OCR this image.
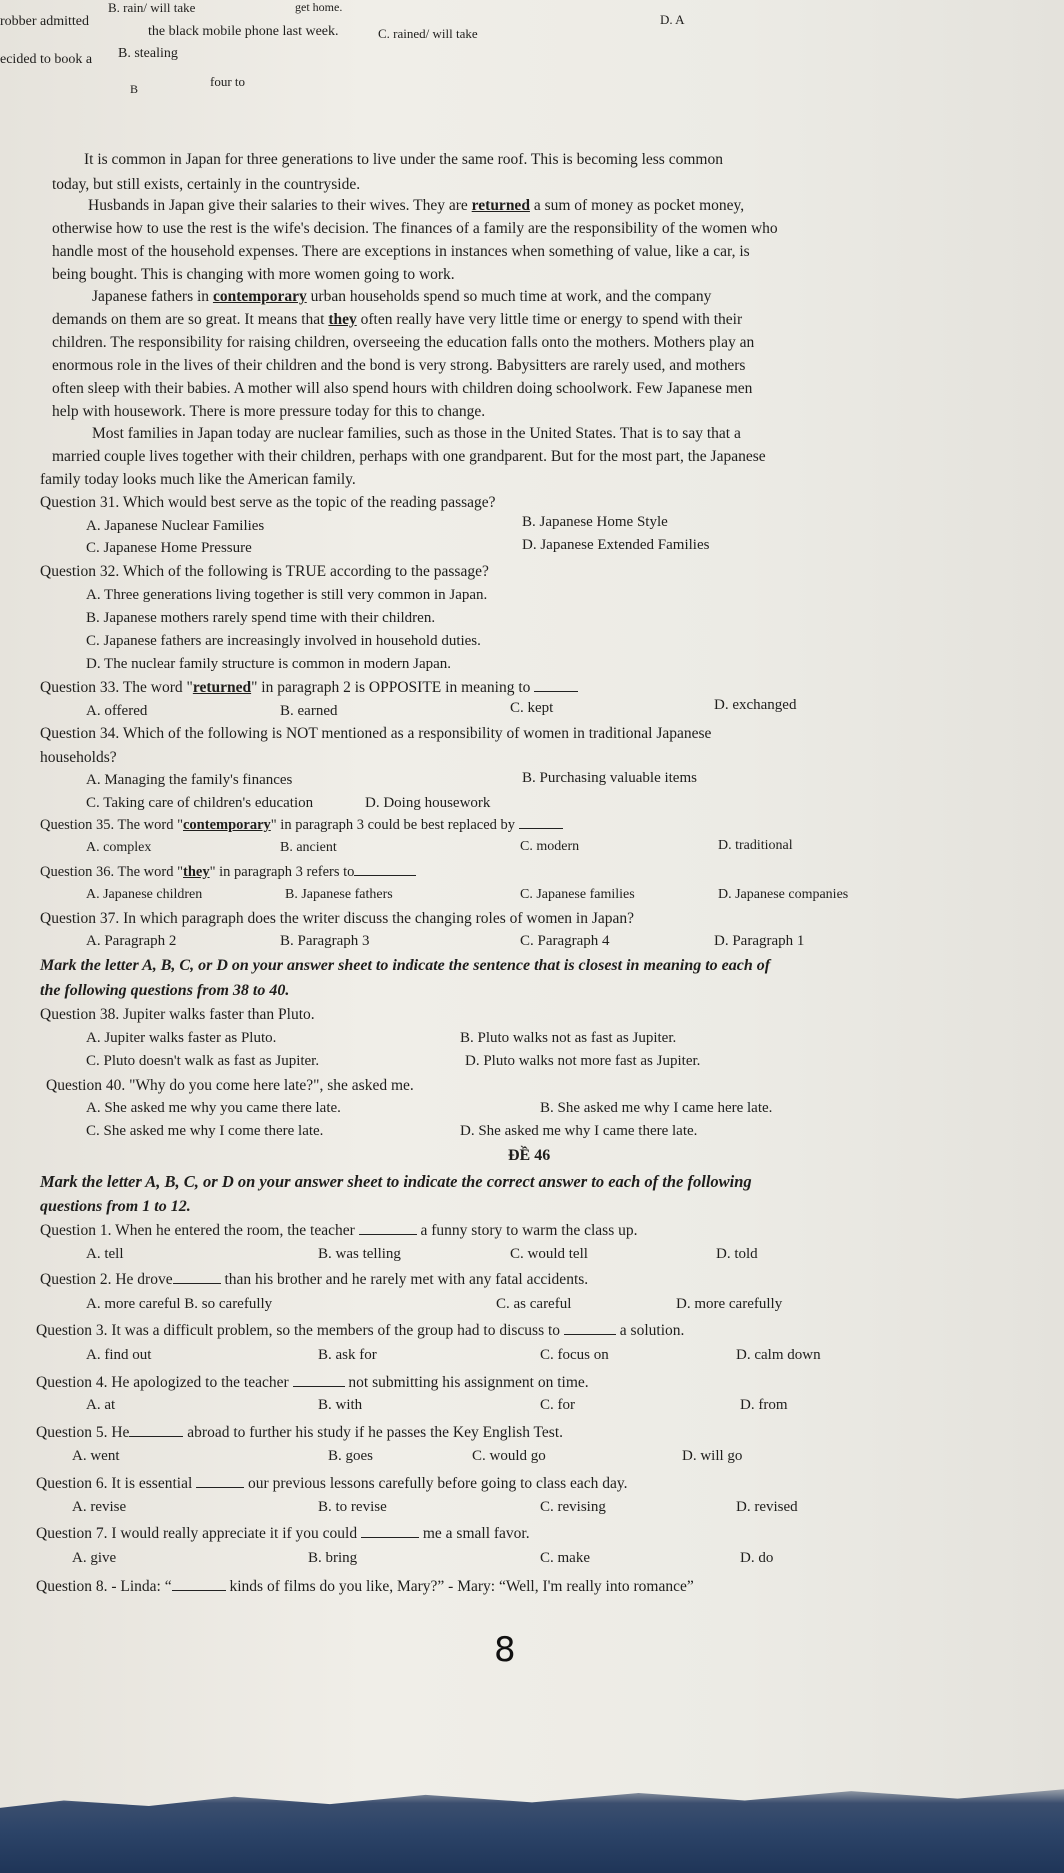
B. rain/ will take	get home.
D. A
robber admitted
the black mobile phone last week.	C. rained/ will take
B. stealing
ecided to book a
four to
B
It is common in Japan for three generations to live under the same roof. This is becoming less common
today, but still exists, certainly in the countryside.
Husbands in Japan give their salaries to their wives. They are returned a sum of money as pocket money,
otherwise how to use the rest is the wife's decision. The finances of a family are the responsibility of the women who
handle most of the household expenses. There are exceptions in instances when something of value, like a car, is
being bought. This is changing with more women going to work.
Japanese fathers in contemporary urban households spend so much time at work, and the company
demands on them are so great. It means that they often really have very little time or energy to spend with their
children. The responsibility for raising children, overseeing the education falls onto the mothers. Mothers play an
enormous role in the lives of their children and the bond is very strong. Babysitters are rarely used, and mothers
often sleep with their babies. A mother will also spend hours with children doing schoolwork. Few Japanese men
help with housework. There is more pressure today for this to change.
Most families in Japan today are nuclear families, such as those in the United States. That is to say that a
married couple lives together with their children, perhaps with one grandparent. But for the most part, the Japanese
family today looks much like the American family.
Question 31. Which would best serve as the topic of the reading passage?
A. Japanese Nuclear Families	B. Japanese Home Style
C. Japanese Home Pressure	D. Japanese Extended Families
Question 32. Which of the following is TRUE according to the passage?
A. Three generations living together is still very common in Japan.
B. Japanese mothers rarely spend time with their children.
C. Japanese fathers are increasingly involved in household duties.
D. The nuclear family structure is common in modern Japan.
Question 33. The word "returned" in paragraph 2 is OPPOSITE in meaning to
A. offered	B. earned	C. kept	D. exchanged
Question 34. Which of the following is NOT mentioned as a responsibility of women in traditional Japanese
households?
A. Managing the family's finances	B. Purchasing valuable items
C. Taking care of children's education	D. Doing housework
Question 35. The word "contemporary" in paragraph 3 could be best replaced by
A. complex	B. ancient	C. modern	D. traditional
Question 36. The word "they" in paragraph 3 refers to
A. Japanese children	B. Japanese fathers	C. Japanese families	D. Japanese companies
Question 37. In which paragraph does the writer discuss the changing roles of women in Japan?
A. Paragraph 2	B. Paragraph 3	C. Paragraph 4	D. Paragraph 1
Mark the letter A, B, C, or D on your answer sheet to indicate the sentence that is closest in meaning to each of
the following questions from 38 to 40.
Question 38. Jupiter walks faster than Pluto.
A. Jupiter walks faster as Pluto.	B. Pluto walks not as fast as Jupiter.
C. Pluto doesn't walk as fast as Jupiter.	D. Pluto walks not more fast as Jupiter.
Question 40. "Why do you come here late?", she asked me.
A. She asked me why you came there late.	B. She asked me why I came here late.
C. She asked me why I come there late.	D. She asked me why I came there late.
ĐỀ 46
Mark the letter A, B, C, or D on your answer sheet to indicate the correct answer to each of the following
questions from 1 to 12.
Question 1. When he entered the room, the teacher	a funny story to warm the class up.
A. tell	B. was telling	C. would tell	D. told
Question 2. He drove	than his brother and he rarely met with any fatal accidents.
A. more careful B. so carefully	C. as careful	D. more carefully
Question 3. It was a difficult problem, so the members of the group had to discuss to	a solution.
A. find out	B. ask for	C. focus on	D. calm down
Question 4. He apologized to the teacher	not submitting his assignment on time.
A. at	B. with	C. for	D. from
Question 5. He	abroad to further his study if he passes the Key English Test.
A. went	B. goes	C. would go	D. will go
Question 6. It is essential	our previous lessons carefully before going to class each day.
A. revise	B. to revise	C. revising	D. revised
Question 7. I would really appreciate it if you could	me a small favor.
A. give	B. bring	C. make	D. do
Question 8. - Linda: “	kinds of films do you like, Mary?” - Mary: “Well, I'm really into romance”
8
